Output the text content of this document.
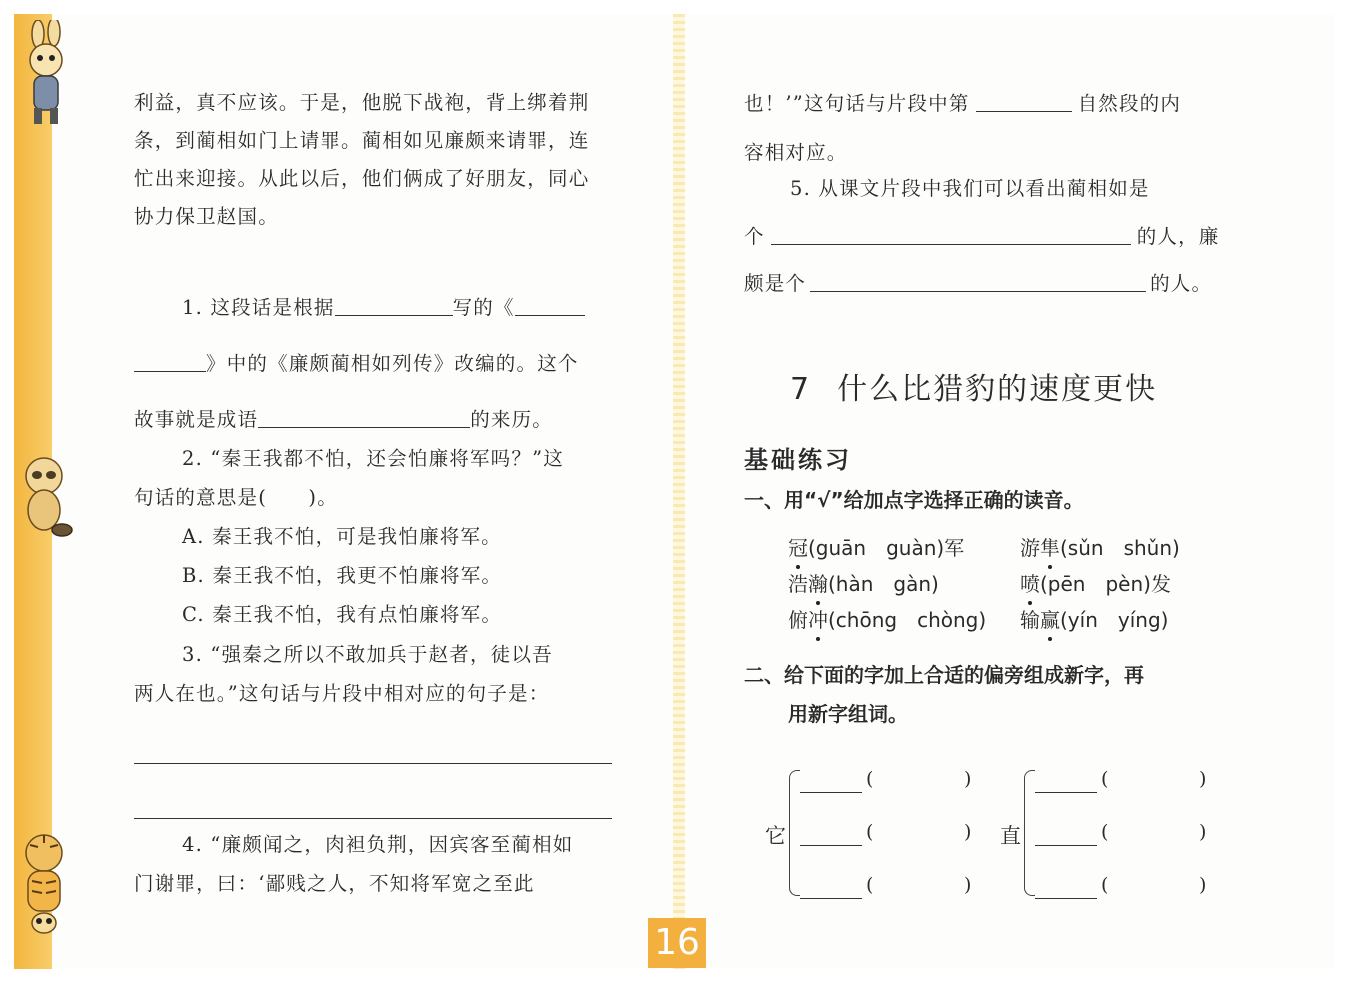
利益，真不应该。于是，他脱下战袍，背上绑着荆
条，到蔺相如门上请罪。蔺相如见廉颇来请罪，连
忙出来迎接。从此以后，他们俩成了好朋友，同心
协力保卫赵国。
1. 这段话是根据	写的《
》中的《廉颇蔺相如列传》改编的。这个
故事就是成语	的来历。
2. “秦王我都不怕，还会怕廉将军吗？”这
句话的意思是(　　)。
A. 秦王我不怕，可是我怕廉将军。
B. 秦王我不怕，我更不怕廉将军。
C. 秦王我不怕，我有点怕廉将军。
3. “强秦之所以不敢加兵于赵者，徒以吾
两人在也。”这句话与片段中相对应的句子是：
4. “廉颇闻之，肉袒负荆，因宾客至蔺相如
门谢罪，曰：‘鄙贱之人，不知将军宽之至此
也！’”这句话与片段中第	自然段的内
容相对应。
5. 从课文片段中我们可以看出蔺相如是
个	的人，廉
颇是个	的人。
7 什么比猎豹的速度更快
基础练习
一、用“√”给加点字选择正确的读音。
冠(guān　guàn)军	游隼(sǔn　shǔn)
浩瀚(hàn　gàn)	喷(pēn　pèn)发
俯冲(chōng　chòng) 输赢(yín　yíng)
二、给下面的字加上合适的偏旁组成新字，再
用新字组词。
它
(	)
(	)
(	)
直
(	)
(	)
(	)
16
